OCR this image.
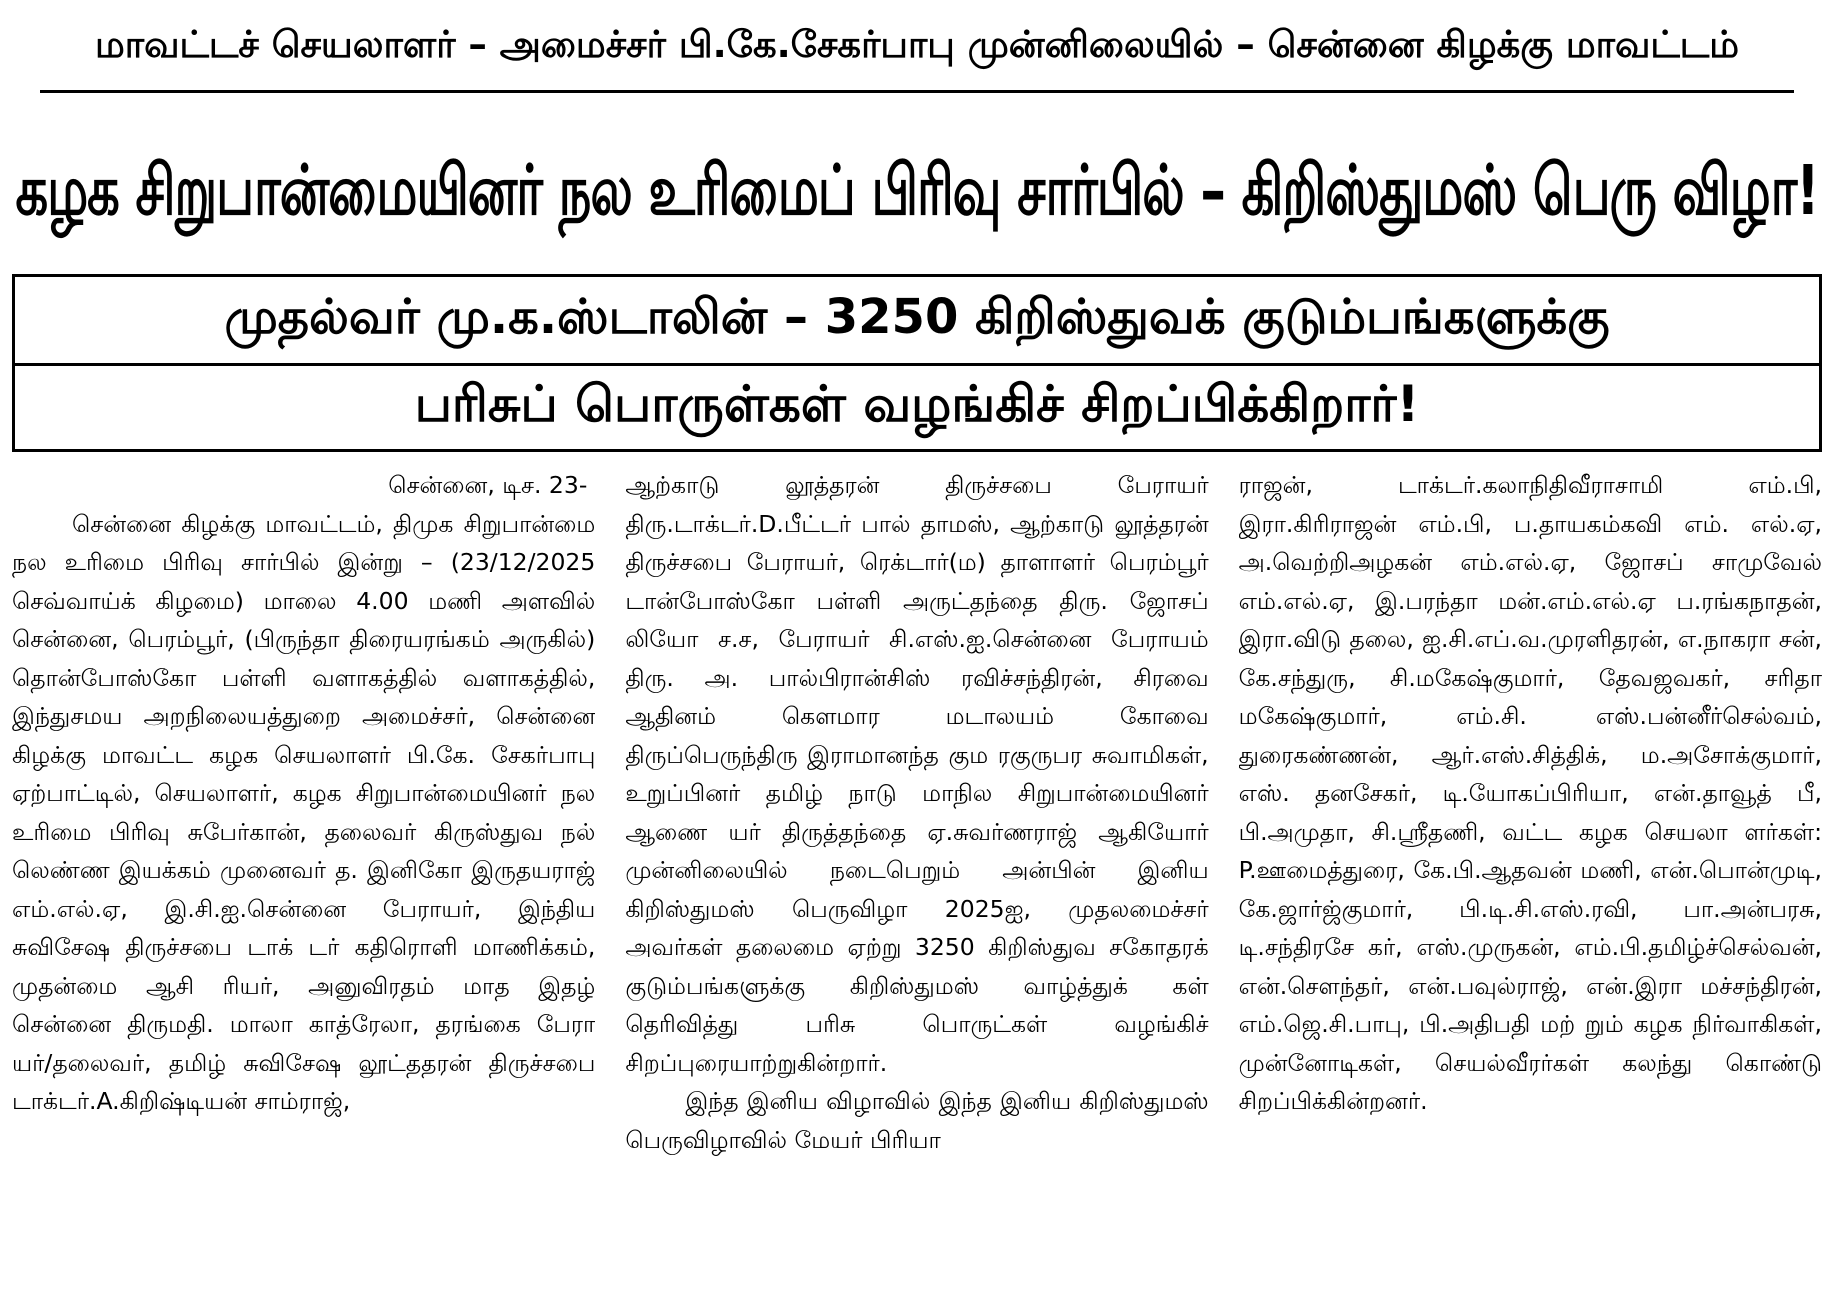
மாவட்டச் செயலாளர் – அமைச்சர் பி.கே.சேகர்பாபு முன்னிலையில் – சென்னை கிழக்கு மாவட்டம்
கழக சிறுபான்மையினர் நல உரிமைப் பிரிவு சார்பில் – கிறிஸ்துமஸ் பெரு விழா!
முதல்வர் மு.க.ஸ்டாலின் – 3250 கிறிஸ்துவக் குடும்பங்களுக்கு
பரிசுப் பொருள்கள் வழங்கிச் சிறப்பிக்கிறார்!

சென்னை, டிச. 23-

சென்னை கிழக்கு மாவட்டம், திமுக சிறுபான்மை நல உரிமை பிரிவு சார்பில் இன்று – (23/12/2025 செவ்வாய்க் கிழமை) மாலை 4.00 மணி அளவில் சென்னை, பெரம்பூர், (பிருந்தா திரையரங்கம் அருகில்) தொன்போஸ்கோ பள்ளி வளாகத்தில் வளாகத்தில், இந்துசமய அறநிலையத்துறை அமைச்சர், சென்னை கிழக்கு மாவட்ட கழக செயலாளர் பி.கே. சேகர்பாபு ஏற்பாட்டில், செயலாளர், கழக சிறுபான்மையினர் நல உரிமை பிரிவு சுபேர்கான், தலைவர் கிருஸ்துவ நல் லெண்ண இயக்கம் முனைவர் த. இனிகோ இருதயராஜ் எம்.எல்.ஏ, இ.சி.ஐ.சென்னை பேராயர், இந்திய சுவிசேஷ திருச்சபை டாக் டர் கதிரொளி மாணிக்கம், முதன்மை ஆசி ரியர், அனுவிரதம் மாத இதழ் சென்னை திருமதி. மாலா காத்ரேலா, தரங்கை பேரா யர்/தலைவர், தமிழ் சுவிசேஷ லூட்ததரன் திருச்சபை டாக்டர்.A.கிறிஷ்டியன் சாம்ராஜ்,

ஆற்காடு லூத்தரன் திருச்சபை பேராயர் திரு.டாக்டர்.D.பீட்டர் பால் தாமஸ், ஆற்காடு லூத்தரன் திருச்சபை பேராயர், ரெக்டார்(ம) தாளாளர் பெரம்பூர் டான்போஸ்கோ பள்ளி அருட்தந்தை திரு. ஜோசப் லியோ ச.ச, பேராயர் சி.எஸ்.ஐ.சென்னை பேராயம் திரு. அ. பால்பிரான்சிஸ் ரவிச்சந்திரன், சிரவை ஆதினம் கௌமார மடாலயம் கோவை திருப்பெருந்திரு இராமானந்த கும ரகுருபர சுவாமிகள், உறுப்பினர் தமிழ் நாடு மாநில சிறுபான்மையினர் ஆணை யர் திருத்தந்தை ஏ.சுவர்ணராஜ் ஆகியோர் முன்னிலையில் நடைபெறும் அன்பின் இனிய கிறிஸ்துமஸ் பெருவிழா 2025ஐ, முதலமைச்சர் அவர்கள் தலைமை ஏற்று 3250 கிறிஸ்துவ சகோதரக் குடும்பங்களுக்கு கிறிஸ்துமஸ் வாழ்த்துக் கள் தெரிவித்து பரிசு பொருட்கள் வழங்கிச் சிறப்புரையாற்றுகின்றார்.

இந்த இனிய விழாவில் இந்த இனிய கிறிஸ்துமஸ் பெருவிழாவில் மேயர் பிரியா

ராஜன், டாக்டர்.கலாநிதிவீராசாமி எம்.பி, இரா.கிரிராஜன் எம்.பி, ப.தாயகம்கவி எம். எல்.ஏ, அ.வெற்றிஅழகன் எம்.எல்.ஏ, ஜோசப் சாமுவேல் எம்.எல்.ஏ, இ.பரந்தா மன்.எம்.எல்.ஏ ப.ரங்கநாதன், இரா.விடு தலை, ஐ.சி.எப்.வ.முரளிதரன், எ.நாகரா சன், கே.சந்துரு, சி.மகேஷ்குமார், தேவஜவகர், சரிதா மகேஷ்குமார், எம்.சி. எஸ்.பன்னீர்செல்வம், துரைகண்ணன், ஆர்.எஸ்.சித்திக், ம.அசோக்குமார், எஸ். தனசேகர், டி.யோகப்பிரியா, என்.தாவூத் பீ, பி.அமுதா, சி.ஸ்ரீதணி, வட்ட கழக செயலா ளர்கள்: P.ஊமைத்துரை, கே.பி.ஆதவன் மணி, என்.பொன்முடி, கே.ஜார்ஜ்குமார், பி.டி.சி.எஸ்.ரவி, பா.அன்பரசு, டி.சந்திரசே கர், எஸ்.முருகன், எம்.பி.தமிழ்ச்செல்வன், என்.சௌந்தர், என்.பவுல்ராஜ், என்.இரா மச்சந்திரன், எம்.ஜெ.சி.பாபு, பி.அதிபதி மற் றும் கழக நிர்வாகிகள், முன்னோடிகள், செயல்வீரர்கள் கலந்து கொண்டு சிறப்பிக்கின்றனர்.
